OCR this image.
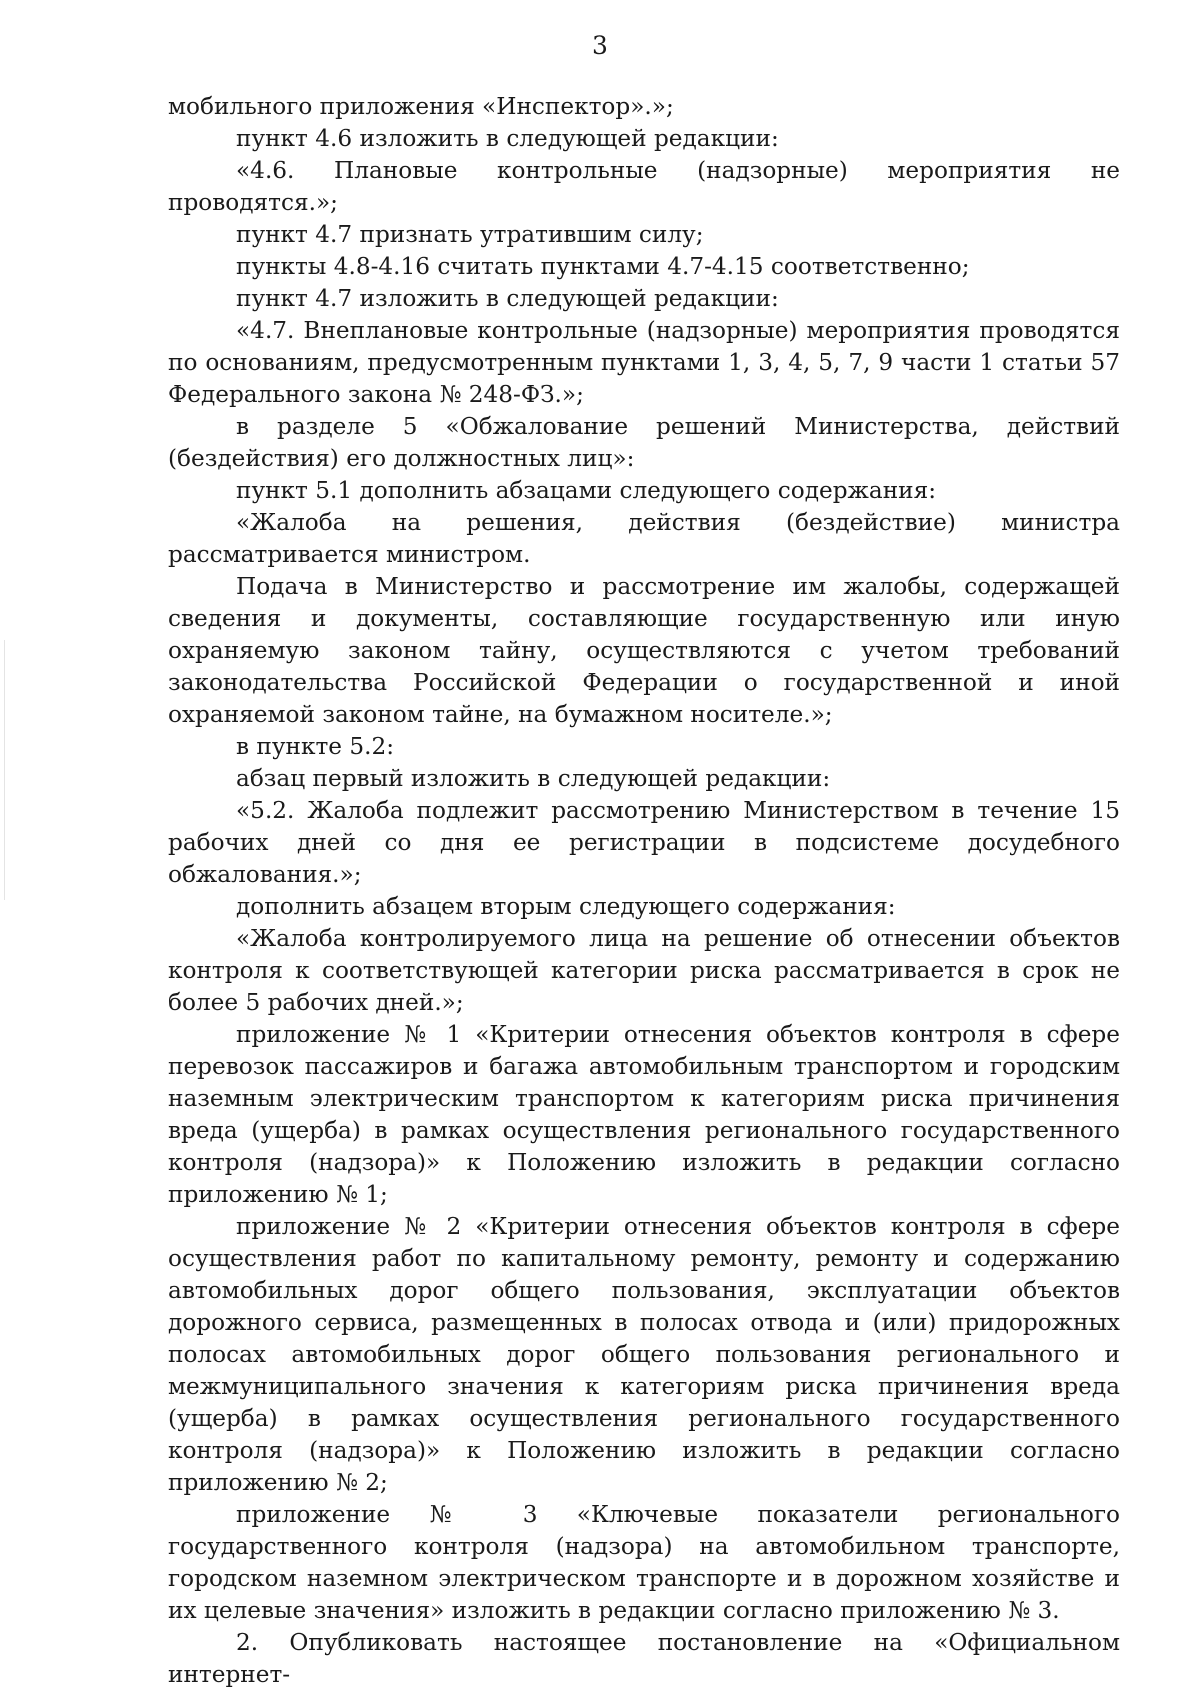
3

мобильного приложения «Инспектор».»;

пункт 4.6 изложить в следующей редакции:

«4.6. Плановые контрольные (надзорные) мероприятия не проводятся.»;

пункт 4.7 признать утратившим силу;

пункты 4.8-4.16 считать пунктами 4.7-4.15 соответственно;

пункт 4.7 изложить в следующей редакции:

«4.7. Внеплановые контрольные (надзорные) мероприятия проводятся по основаниям, предусмотренным пунктами 1, 3, 4, 5, 7, 9 части 1 статьи 57 Федерального закона № 248-ФЗ.»;

в разделе 5 «Обжалование решений Министерства, действий (бездействия) его должностных лиц»:

пункт 5.1 дополнить абзацами следующего содержания:

«Жалоба на решения, действия (бездействие) министра рассматривается министром.

Подача в Министерство и рассмотрение им жалобы, содержащей сведения и документы, составляющие государственную или иную охраняемую законом тайну, осуществляются с учетом требований законодательства Российской Федерации о государственной и иной охраняемой законом тайне, на бумажном носителе.»;

в пункте 5.2:

абзац первый изложить в следующей редакции:

«5.2. Жалоба подлежит рассмотрению Министерством в течение 15 рабочих дней со дня ее регистрации в подсистеме досудебного обжалования.»;

дополнить абзацем вторым следующего содержания:

«Жалоба контролируемого лица на решение об отнесении объектов контроля к соответствующей категории риска рассматривается в срок не более 5 рабочих дней.»;

приложение № 1 «Критерии отнесения объектов контроля в сфере перевозок пассажиров и багажа автомобильным транспортом и городским наземным электрическим транспортом к категориям риска причинения вреда (ущерба) в рамках осуществления регионального государственного контроля (надзора)» к Положению изложить в редакции согласно приложению № 1;

приложение № 2 «Критерии отнесения объектов контроля в сфере осуществления работ по капитальному ремонту, ремонту и содержанию автомобильных дорог общего пользования, эксплуатации объектов дорожного сервиса, размещенных в полосах отвода и (или) придорожных полосах автомобильных дорог общего пользования регионального и межмуниципального значения к категориям риска причинения вреда (ущерба) в рамках осуществления регионального государственного контроля (надзора)» к Положению изложить в редакции согласно приложению № 2;

приложение № 3 «Ключевые показатели регионального государственного контроля (надзора) на автомобильном транспорте, городском наземном электрическом транспорте и в дорожном хозяйстве и их целевые значения» изложить в редакции согласно приложению № 3.

2. Опубликовать настоящее постановление на «Официальном интернет-
